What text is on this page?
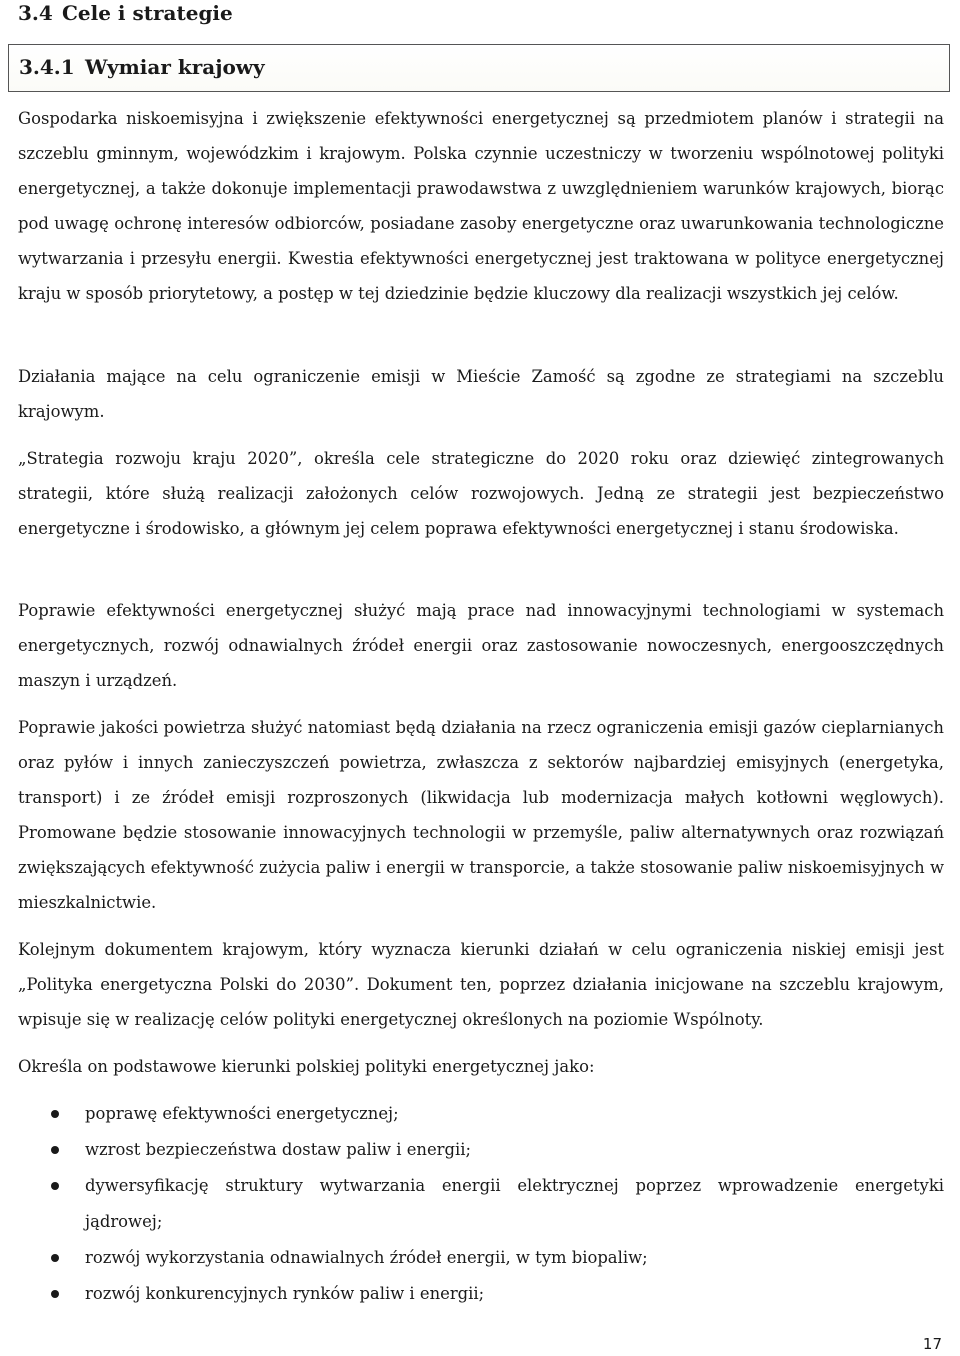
3.4 Cele i strategie
3.4.1 Wymiar krajowy

Gospodarka niskoemisyjna i zwiększenie efektywności energetycznej są przedmiotem planów i strategii na szczeblu gminnym, wojewódzkim i krajowym. Polska czynnie uczestniczy w tworzeniu wspólnotowej polityki energetycznej, a także dokonuje implementacji prawodawstwa z uwzględnieniem warunków krajowych, biorąc pod uwagę ochronę interesów odbiorców, posiadane zasoby energetyczne oraz uwarunkowania technologiczne wytwarzania i przesyłu energii. Kwestia efektywności energetycznej jest traktowana w polityce energetycznej kraju w sposób priorytetowy, a postęp w tej dziedzinie będzie kluczowy dla realizacji wszystkich jej celów.

Działania mające na celu ograniczenie emisji w Mieście Zamość są zgodne ze strategiami na szczeblu krajowym.

„Strategia rozwoju kraju 2020”, określa cele strategiczne do 2020 roku oraz dziewięć zintegrowanych strategii, które służą realizacji założonych celów rozwojowych. Jedną ze strategii jest bezpieczeństwo energetyczne i środowisko, a głównym jej celem poprawa efektywności energetycznej i stanu środowiska.

Poprawie efektywności energetycznej służyć mają prace nad innowacyjnymi technologiami w systemach energetycznych, rozwój odnawialnych źródeł energii oraz zastosowanie nowoczesnych, energooszczędnych maszyn i urządzeń.

Poprawie jakości powietrza służyć natomiast będą działania na rzecz ograniczenia emisji gazów cieplarnianych oraz pyłów i innych zanieczyszczeń powietrza, zwłaszcza z sektorów najbardziej emisyjnych (energetyka, transport) i ze źródeł emisji rozproszonych (likwidacja lub modernizacja małych kotłowni węglowych). Promowane będzie stosowanie innowacyjnych technologii w przemyśle, paliw alternatywnych oraz rozwiązań zwiększających efektywność zużycia paliw i energii w transporcie, a także stosowanie paliw niskoemisyjnych w mieszkalnictwie.

Kolejnym dokumentem krajowym, który wyznacza kierunki działań w celu ograniczenia niskiej emisji jest „Polityka energetyczna Polski do 2030”. Dokument ten, poprzez działania inicjowane na szczeblu krajowym, wpisuje się w realizację celów polityki energetycznej określonych na poziomie Wspólnoty.

Określa on podstawowe kierunki polskiej polityki energetycznej jako:

poprawę efektywności energetycznej;
wzrost bezpieczeństwa dostaw paliw i energii;
dywersyfikację struktury wytwarzania energii elektrycznej poprzez wprowadzenie energetyki jądrowej;
rozwój wykorzystania odnawialnych źródeł energii, w tym biopaliw;
rozwój konkurencyjnych rynków paliw i energii;

17
